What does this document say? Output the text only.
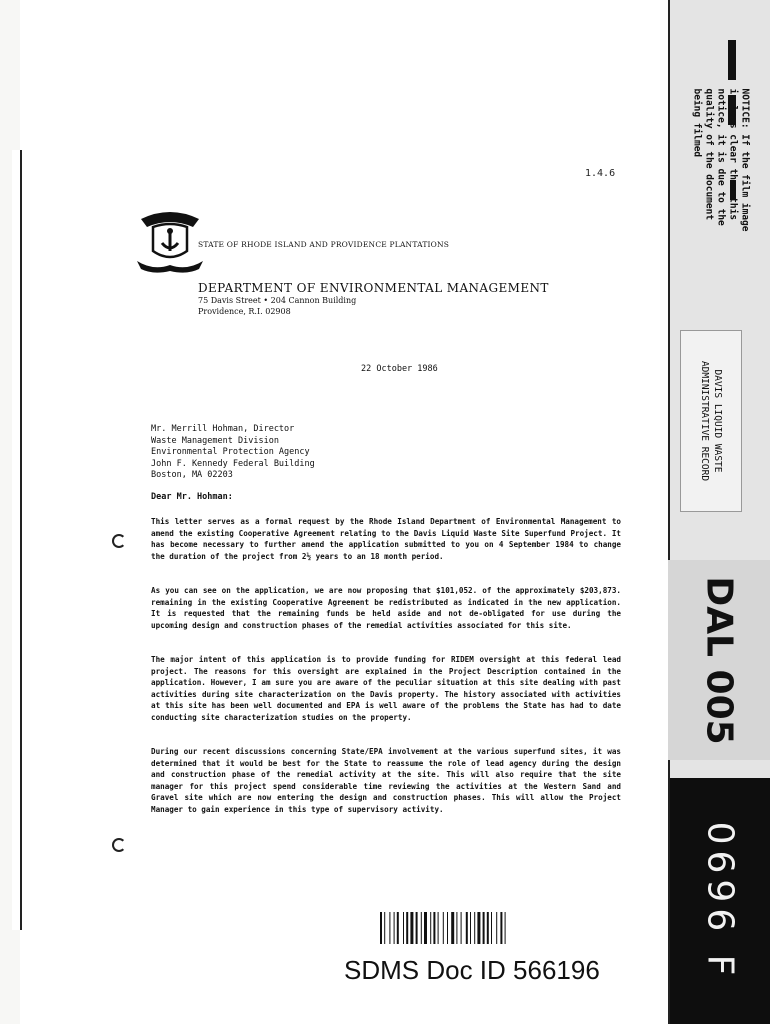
NOTICE: If the film image
is less clear than this
notice, it is due to the
quality of the document
being filmed
DAVIS LIQUID WASTE
ADMINISTRATIVE RECORD
DAL 005
0696 F
1.4.6
STATE OF RHODE ISLAND AND PROVIDENCE PLANTATIONS
DEPARTMENT OF ENVIRONMENTAL MANAGEMENT
75 Davis Street • 204 Cannon Building
Providence, R.I. 02908
22 October 1986
Mr. Merrill Hohman, Director
Waste Management Division
Environmental Protection Agency
John F. Kennedy Federal Building
Boston, MA 02203
Dear Mr. Hohman:

This letter serves as a formal request by the Rhode Island Department of Environmental Management to amend the existing Cooperative Agreement relating to the Davis Liquid Waste Site Superfund Project. It has become necessary to further amend the application submitted to you on 4 September 1984 to change the duration of the project from 2½ years to an 18 month period.

As you can see on the application, we are now proposing that $101,052. of the approximately $203,873. remaining in the existing Cooperative Agreement be redistributed as indicated in the new application. It is requested that the remaining funds be held aside and not de-obligated for use during the upcoming design and construction phases of the remedial activities associated for this site.

The major intent of this application is to provide funding for RIDEM oversight at this federal lead project. The reasons for this oversight are explained in the Project Description contained in the application. However, I am sure you are aware of the peculiar situation at this site dealing with past activities during site characterization on the Davis property. The history associated with activities at this site has been well documented and EPA is well aware of the problems the State has had to date conducting site characterization studies on the property.

During our recent discussions concerning State/EPA involvement at the various superfund sites, it was determined that it would be best for the State to reassume the role of lead agency during the design and construction phase of the remedial activity at the site. This will also require that the site manager for this project spend considerable time reviewing the activities at the Western Sand and Gravel site which are now entering the design and construction phases. This will allow the Project Manager to gain experience in this type of supervisory activity.

SDMS Doc ID 566196
